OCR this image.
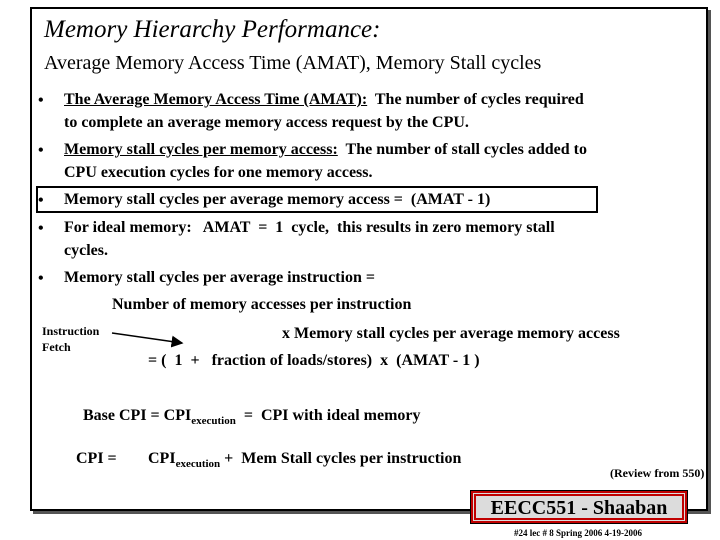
Memory Hierarchy Performance:
Average Memory Access Time (AMAT), Memory Stall cycles
• The Average Memory Access Time (AMAT):  The number of cycles required
to complete an average memory access request by the CPU.
• Memory stall cycles per memory access:  The number of stall cycles added to
CPU execution cycles for one memory access.
• Memory stall cycles per average memory access =  (AMAT - 1)
• For ideal memory:   AMAT  =  1  cycle,  this results in zero memory stall
cycles.
• Memory stall cycles per average instruction =
Number of memory accesses per instruction
x Memory stall cycles per average memory access
= (  1  +   fraction of loads/stores)  x  (AMAT - 1 )
Instruction
Fetch
Base CPI = $CPI_{execution}$  =  CPI with ideal memory
CPI = $CPI_{execution}$ +  Mem Stall cycles per instruction
(Review from 550)
EECC551 - Shaaban
#24 lec # 8 Spring 2006 4-19-2006
